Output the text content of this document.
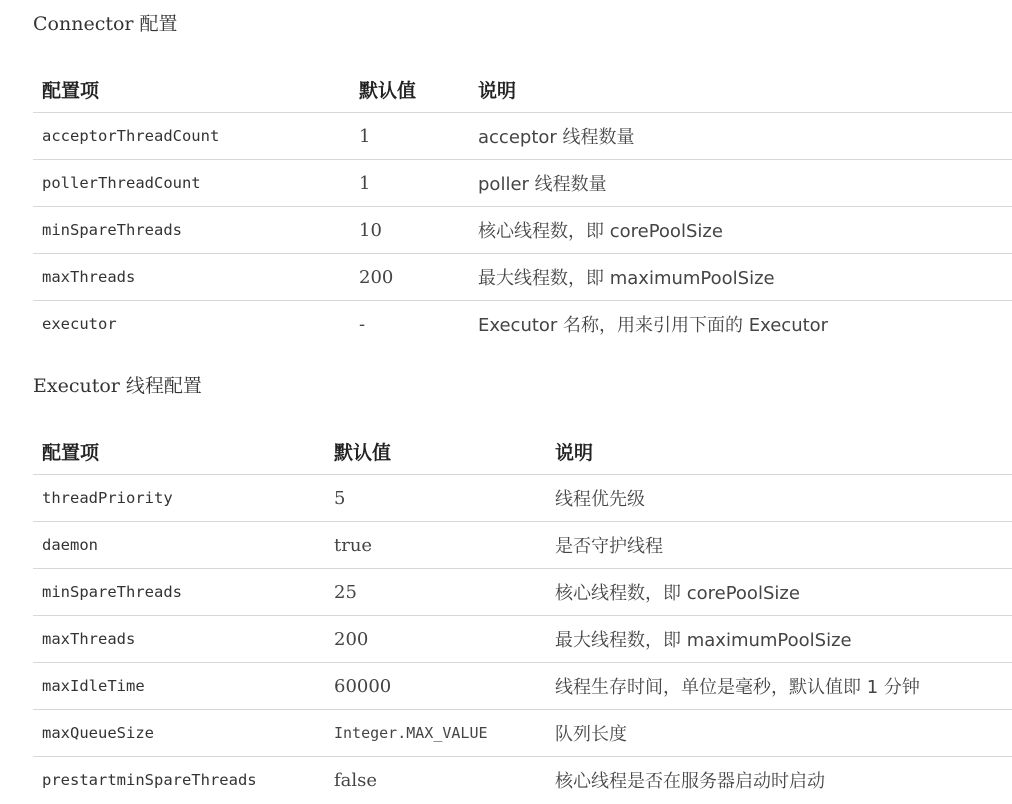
Connector 配置
配置项	默认值	说明
acceptorThreadCount	1	acceptor 线程数量
pollerThreadCount	1	poller 线程数量
minSpareThreads	10	核心线程数，即 corePoolSize
maxThreads	200	最大线程数，即 maximumPoolSize
executor	-	Executor 名称，用来引用下面的 Executor
Executor 线程配置
配置项	默认值	说明
threadPriority	5	线程优先级
daemon	true	是否守护线程
minSpareThreads	25	核心线程数，即 corePoolSize
maxThreads	200	最大线程数，即 maximumPoolSize
maxIdleTime	60000	线程生存时间，单位是毫秒，默认值即 1 分钟
maxQueueSize	Integer.MAX_VALUE	队列长度
prestartminSpareThreads	false	核心线程是否在服务器启动时启动
